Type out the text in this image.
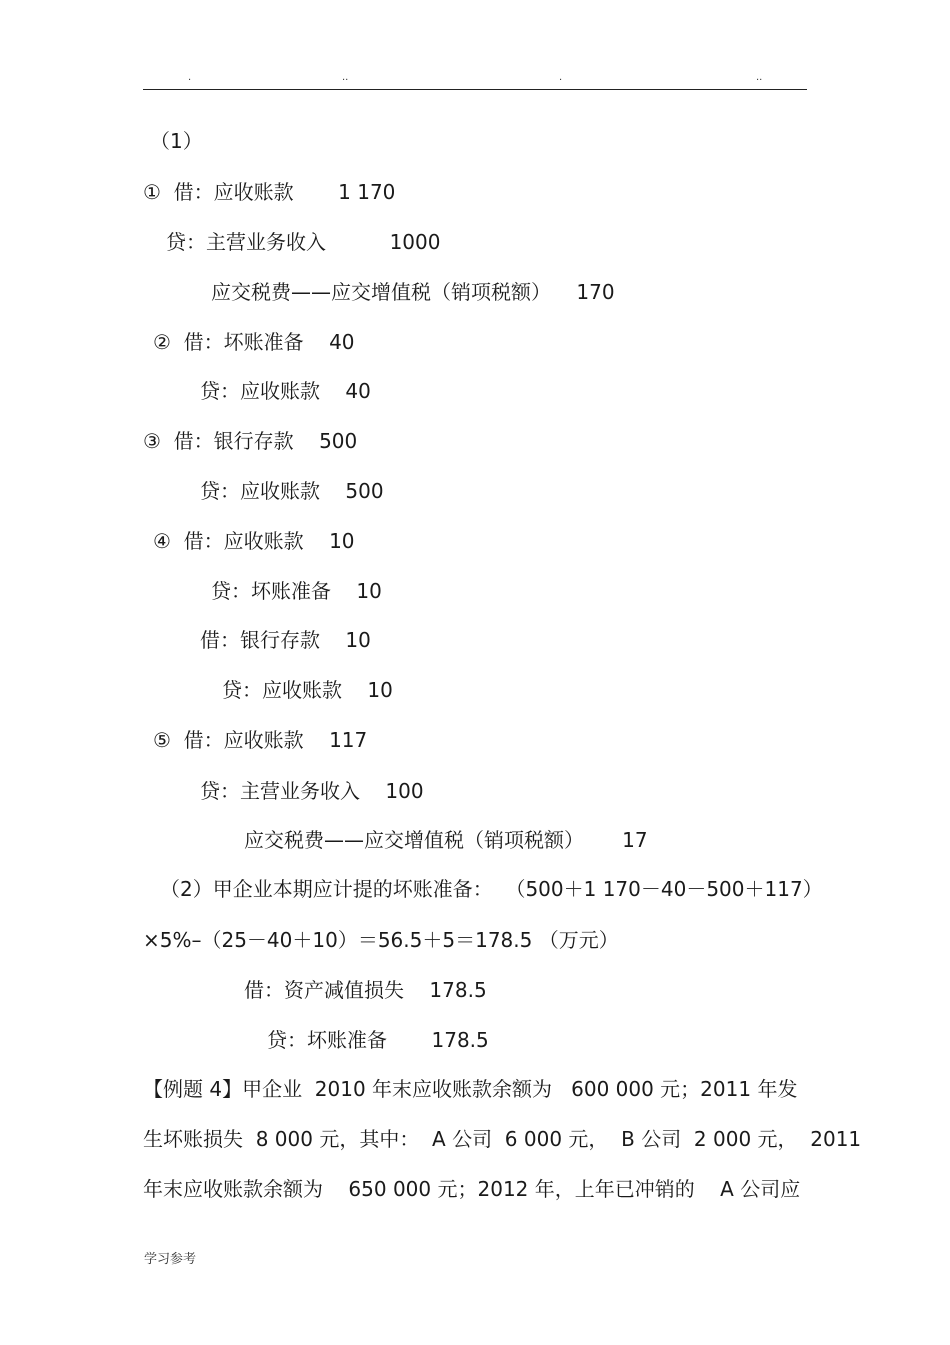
.	..	.	..
（1）
①  借：应收账款       1 170
贷：主营业务收入          1000
应交税费——应交增值税（销项税额）    170
②  借：坏账准备    40
贷：应收账款    40
③  借：银行存款    500
贷：应收账款    500
④  借：应收账款    10
贷：坏账准备    10
借：银行存款    10
贷：应收账款    10
⑤  借：应收账款    117
贷：主营业务收入    100
应交税费——应交增值税（销项税额）      17
（2）甲企业本期应计提的坏账准备：  （500＋1 170－40－500＋117）
×5%–（25－40＋10）＝56.5＋5＝178.5 （万元）
借：资产减值损失    178.5
贷：坏账准备       178.5
【例题 4】甲企业  2010 年末应收账款余额为   600 000 元；2011 年发
生坏账损失  8 000 元，其中：  A 公司  6 000 元，  B 公司  2 000 元，  2011
年末应收账款余额为    650 000 元；2012 年，上年已冲销的    A 公司应
学习参考
